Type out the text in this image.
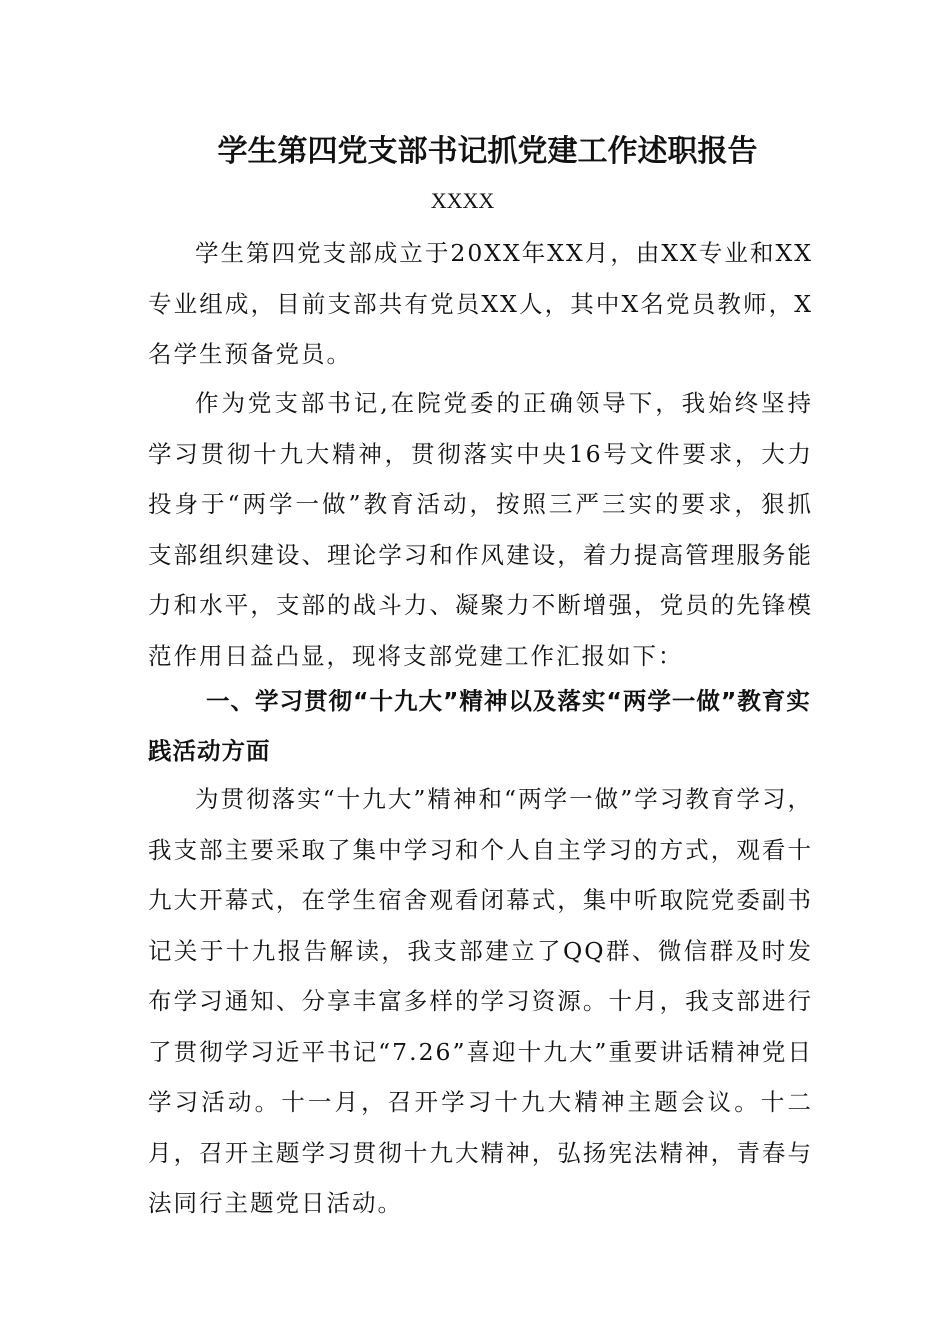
学生第四党支部书记抓党建工作述职报告
XXXX

学生第四党支部成立于20XX年XX月，由XX专业和XX专业组成，目前支部共有党员XX人，其中X名党员教师，X名学生预备党员。

作为党支部书记,在院党委的正确领导下，我始终坚持学习贯彻十九大精神，贯彻落实中央16号文件要求，大力投身于“两学一做”教育活动，按照三严三实的要求，狠抓支部组织建设、理论学习和作风建设，着力提高管理服务能力和水平，支部的战斗力、凝聚力不断增强，党员的先锋模范作用日益凸显，现将支部党建工作汇报如下：

一、学习贯彻“十九大”精神以及落实“两学一做”教育实践活动方面

为贯彻落实“十九大”精神和“两学一做”学习教育学习，我支部主要采取了集中学习和个人自主学习的方式，观看十九大开幕式，在学生宿舍观看闭幕式，集中听取院党委副书记关于十九报告解读，我支部建立了QQ群、微信群及时发布学习通知、分享丰富多样的学习资源。十月，我支部进行了贯彻学习近平书记“7.26”喜迎十九大”重要讲话精神党日学习活动。十一月，召开学习十九大精神主题会议。十二月，召开主题学习贯彻十九大精神，弘扬宪法精神，青春与法同行主题党日活动。
